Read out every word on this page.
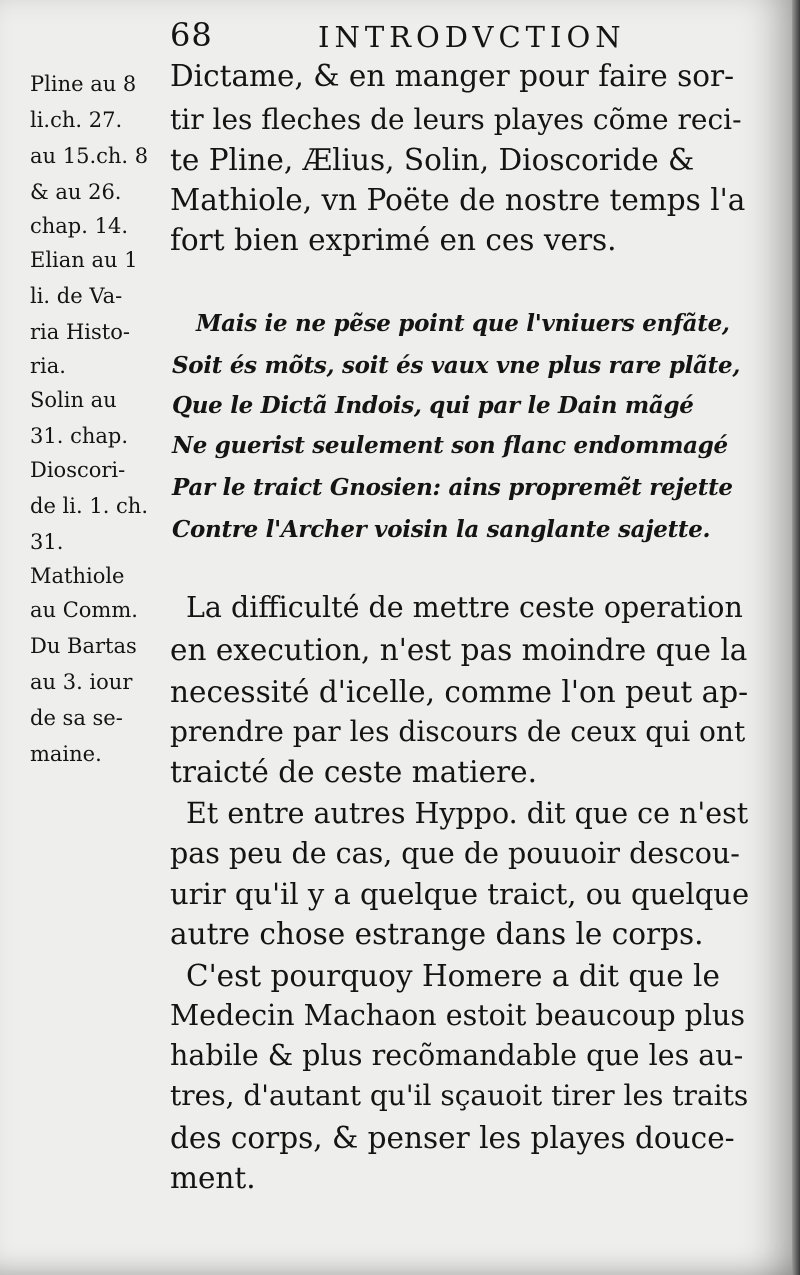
68	INTRODVCTION
Pline au 8
li.ch. 27.
au 15.ch. 8
& au 26.
chap. 14.
Elian au 1
li. de Va-
ria Histo-
ria.
Solin au
31. chap.
Dioscori-
de li. 1. ch.
31.
Mathiole
au Comm.
Du Bartas
au 3. iour
de sa se-
maine.
Dictame, & en manger pour faire sor-
tir les fleches de leurs playes cõme reci-
te Pline, Ælius, Solin, Dioscoride &
Mathiole, vn Poëte de nostre temps l'a
fort bien exprimé en ces vers.
Mais ie ne pẽse point que l'vniuers enfãte,
Soit és mõts, soit és vaux vne plus rare plãte,
Que le Dictã Indois, qui par le Dain mãgé
Ne guerist seulement son flanc endommagé
Par le traict Gnosien: ains propremẽt rejette
Contre l'Archer voisin la sanglante sajette.
La difficulté de mettre ceste operation
en execution, n'est pas moindre que la
necessité d'icelle, comme l'on peut ap-
prendre par les discours de ceux qui ont
traicté de ceste matiere.
Et entre autres Hyppo. dit que ce n'est
pas peu de cas, que de pouuoir descou-
urir qu'il y a quelque traict, ou quelque
autre chose estrange dans le corps.
C'est pourquoy Homere a dit que le
Medecin Machaon estoit beaucoup plus
habile & plus recõmandable que les au-
tres, d'autant qu'il sçauoit tirer les traits
des corps, & penser les playes douce-
ment.
